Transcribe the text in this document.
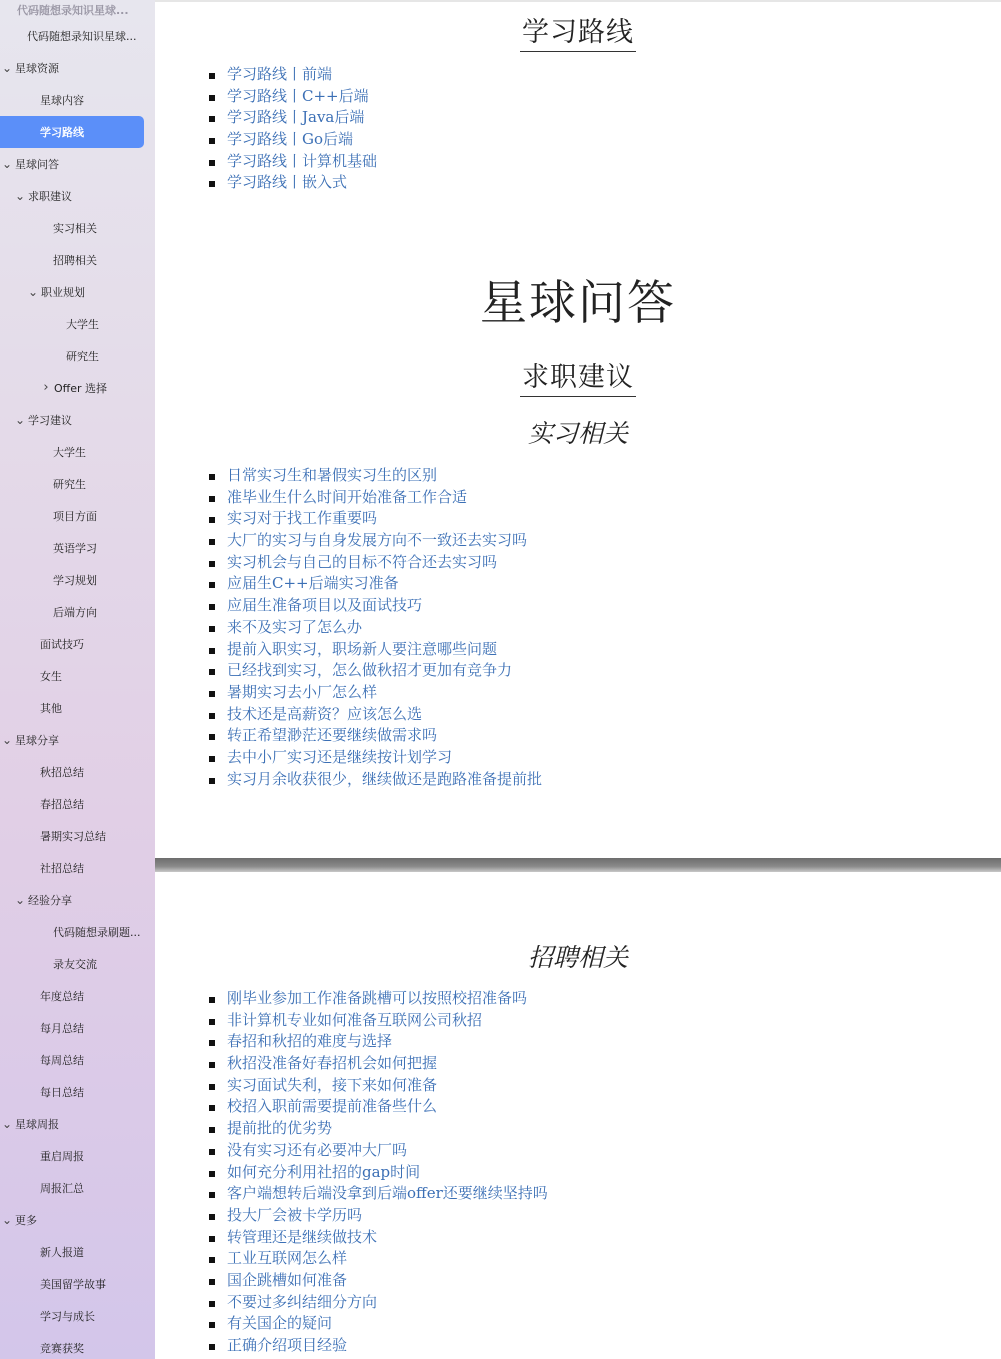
代码随想录知识星球...
代码随想录知识星球...
⌄ 星球资源
星球内容
学习路线
⌄ 星球问答
⌄ 求职建议
实习相关
招聘相关
⌄ 职业规划
大学生
研究生
› Offer 选择
⌄ 学习建议
大学生
研究生
项目方面
英语学习
学习规划
后端方向
面试技巧
女生
其他
⌄ 星球分享
秋招总结
春招总结
暑期实习总结
社招总结
⌄ 经验分享
代码随想录刷题...
录友交流
年度总结
每月总结
每周总结
每日总结
⌄ 星球周报
重启周报
周报汇总
⌄ 更多
新人报道
美国留学故事
学习与成长
竞赛获奖
学习路线
学习路线丨前端
学习路线丨C++后端
学习路线丨Java后端
学习路线丨Go后端
学习路线丨计算机基础
学习路线丨嵌入式
星球问答
求职建议
实习相关
日常实习生和暑假实习生的区别
准毕业生什么时间开始准备工作合适
实习对于找工作重要吗
大厂的实习与自身发展方向不一致还去实习吗
实习机会与自己的目标不符合还去实习吗
应届生C++后端实习准备
应届生准备项目以及面试技巧
来不及实习了怎么办
提前入职实习，职场新人要注意哪些问题
已经找到实习，怎么做秋招才更加有竞争力
暑期实习去小厂怎么样
技术还是高薪资？应该怎么选
转正希望渺茫还要继续做需求吗
去中小厂实习还是继续按计划学习
实习月余收获很少，继续做还是跑路准备提前批
招聘相关
刚毕业参加工作准备跳槽可以按照校招准备吗
非计算机专业如何准备互联网公司秋招
春招和秋招的难度与选择
秋招没准备好春招机会如何把握
实习面试失利，接下来如何准备
校招入职前需要提前准备些什么
提前批的优劣势
没有实习还有必要冲大厂吗
如何充分利用社招的gap时间
客户端想转后端没拿到后端offer还要继续坚持吗
投大厂会被卡学历吗
转管理还是继续做技术
工业互联网怎么样
国企跳槽如何准备
不要过多纠结细分方向
有关国企的疑问
正确介绍项目经验
